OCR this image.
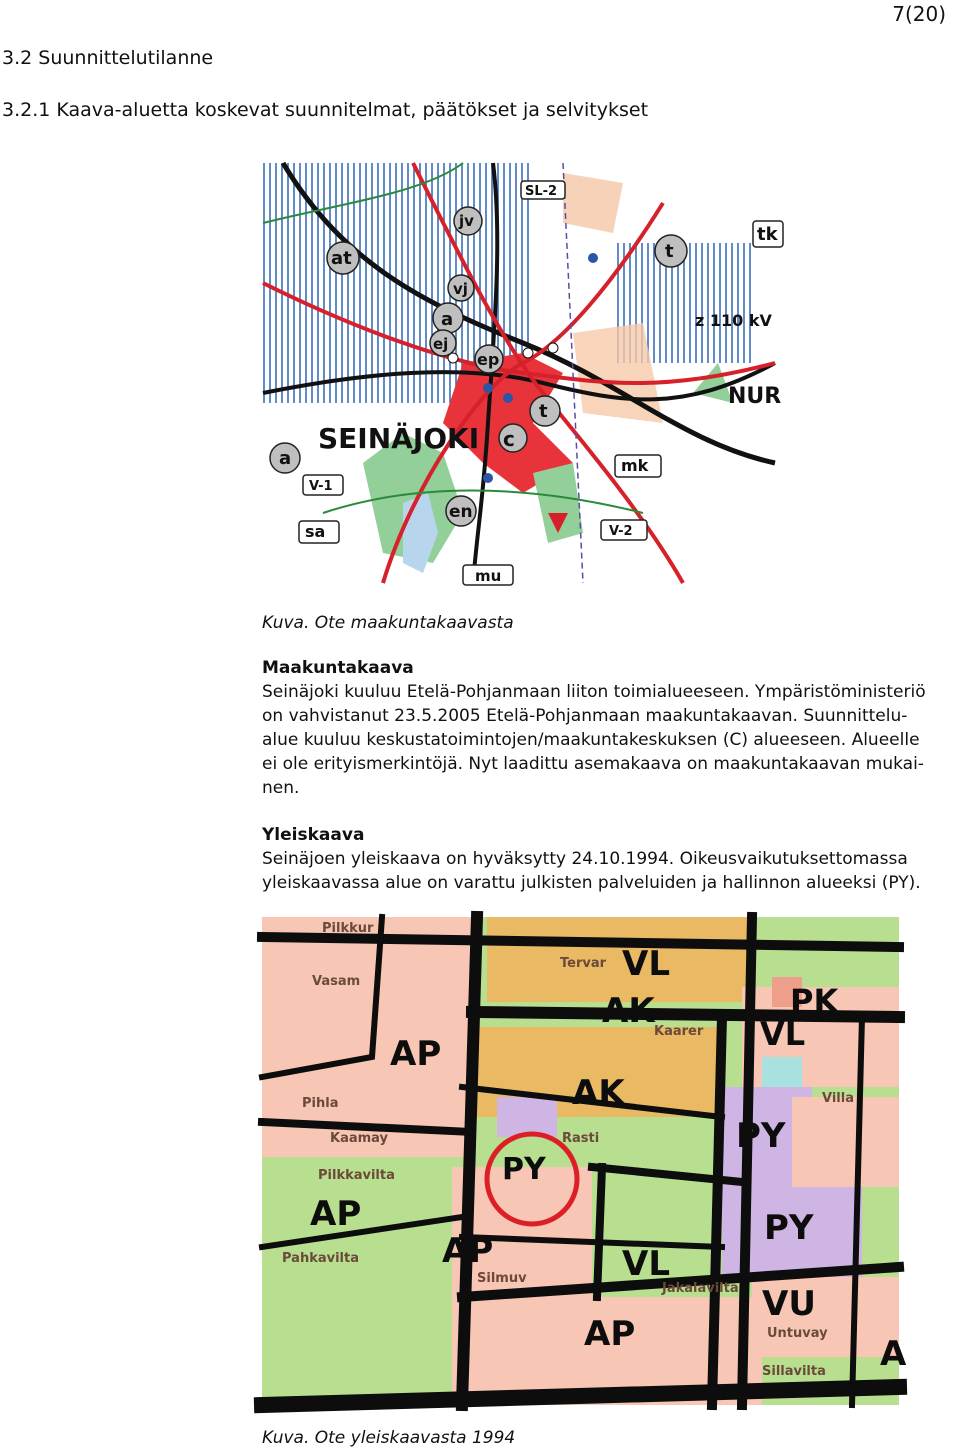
7(20)
3.2 Suunnittelutilanne
3.2.1 Kaava-aluetta koskevat suunnitelmat, päätökset ja selvitykset
SL-2
jv
at	t
tk
vj
a
ej
ep
z 110 kV
NUR
SEINÄJOKI c
t
a	mk
V-1
en
sa	V-2
mu
Kuva. Ote maakuntakaavasta
Maakuntakaava
Seinäjoki kuuluu Etelä-Pohjanmaan liiton toimialueeseen. Ympäristöministeriö
on vahvistanut 23.5.2005 Etelä-Pohjanmaan maakuntakaavan. Suunnittelu-
alue kuuluu keskustatoimintojen/maakuntakeskuksen (C) alueeseen. Alueelle
ei ole erityismerkintöjä. Nyt laadittu asemakaava on maakuntakaavan mukai-
nen.
Yleiskaava
Seinäjoen yleiskaava on hyväksytty 24.10.1994. Oikeusvaikutuksettomassa
yleiskaavassa alue on varattu julkisten palveluiden ja hallinnon alueeksi (PY).
VL
AK	PK
AP	VL
AK
PY
PY
AP
AP
PY
VL
VU
AP	A
Pilkkur
Vasam
Tervar
Kaarer
Kaamay
Pilkkavilta
Pahkavilta
Silmuv
Jakalavilta
Untuvay
Sillavilta
Villa
Pihla
Rasti
Kuva. Ote yleiskaavasta 1994
